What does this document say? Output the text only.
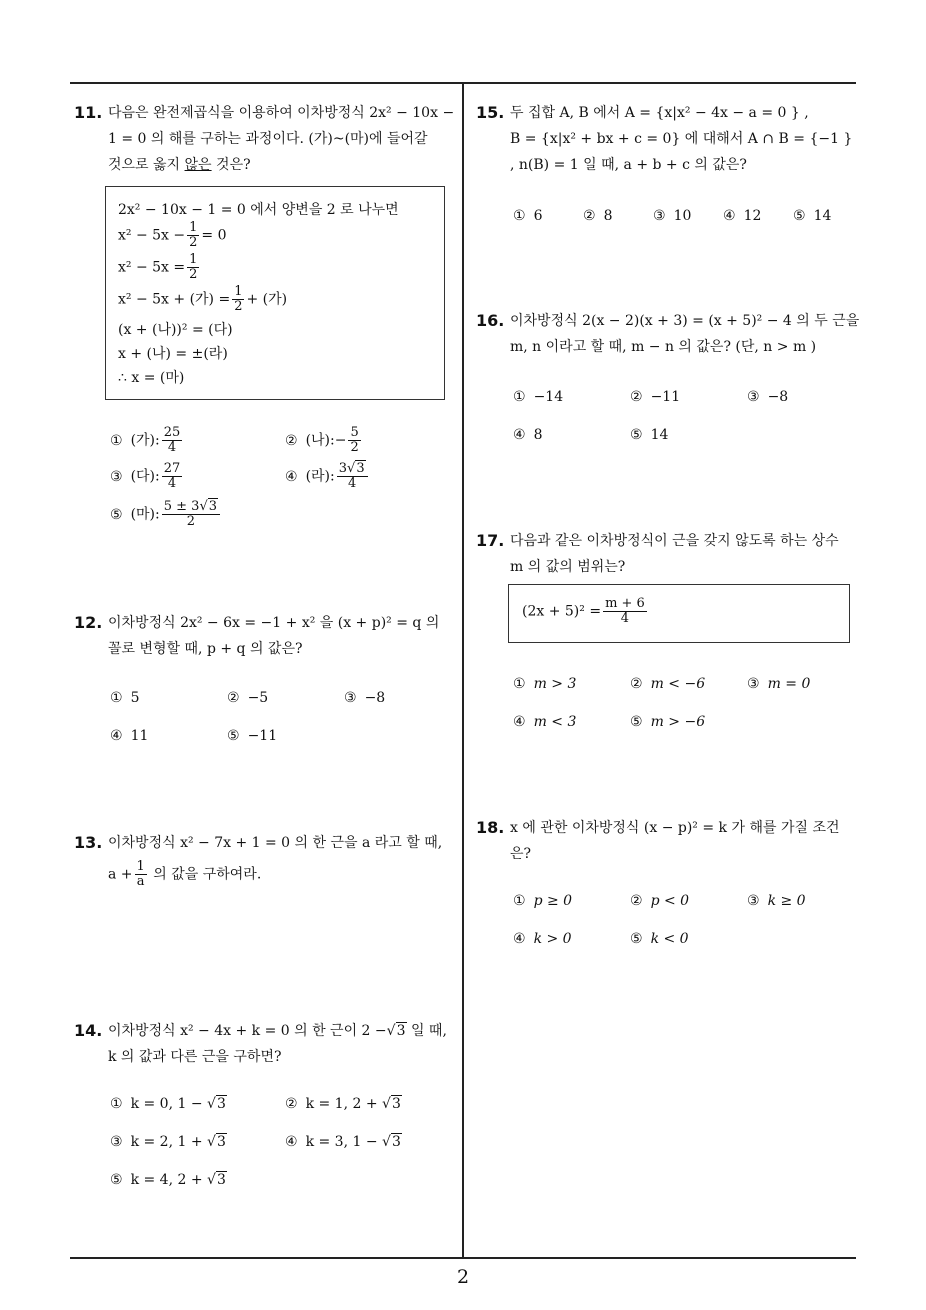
2
11. 다음은 완전제곱식을 이용하여 이차방정식 2x² − 10x −
1 = 0 의 해를 구하는 과정이다. (가)~(마)에 들어갈
것으로 옳지 않은 것은?
2x² − 10x − 1 = 0 에서 양변을 2 로 나누면
$x^2 - 5x - \frac{1}{2} = 0$
$x^2 - 5x = \frac{1}{2}$
x² − 5x + (가) = $\frac{1}{2}$ + (가)
(x + (나))² = (다)
x + (나) = ±(라)
∴ x = (마)
① (가): $\frac{25}{4}$	② (나):− $\frac{5}{2}$
③ (다): $\frac{27}{4}$	④ (라): $\frac{3√3}{4}$
⑤ (마): $\frac{5 \pm 3√3}{2}$
12. 이차방정식 2x² − 6x = −1 + x² 을 (x + p)² = q 의
꼴로 변형할 때, p + q 의 값은?
① 5	② −5	③ −8
④ 11	⑤ −11
13. 이차방정식 x² − 7x + 1 = 0 의 한 근을 a 라고 할 때,
$a + \frac{1}{a}$ 의 값을 구하여라.
14. 이차방정식 x² − 4x + k = 0 의 한 근이 2 −√3 일 때,
k 의 값과 다른 근을 구하면?
① k = 0, 1 − √3	② k = 1, 2 + √3
③ k = 2, 1 + √3	④ k = 3, 1 − √3
⑤ k = 4, 2 + √3
15. 두 집합 A, B 에서 A = {x|x² − 4x − a = 0 } ,
B = {x|x² + bx + c = 0} 에 대해서 A ∩ B = {−1 }
, n(B) = 1 일 때, a + b + c 의 값은?
① 6	② 8	③ 10 ④ 12 ⑤ 14
16. 이차방정식 2(x − 2)(x + 3) = (x + 5)² − 4 의 두 근을
m, n 이라고 할 때, m − n 의 값은? (단, n > m )
① −14	② −11	③ −8
④ 8	⑤ 14
17. 다음과 같은 이차방정식이 근을 갖지 않도록 하는 상수
m 의 값의 범위는?
$(2x + 5)^2 = \frac{m + 6}{4}$
① m > 3	② m < −6	③ m = 0
④ m < 3	⑤ m > −6
18. x 에 관한 이차방정식 (x − p)² = k 가 해를 가질 조건
은?
① p ≥ 0	② p < 0	③ k ≥ 0
④ k > 0	⑤ k < 0
